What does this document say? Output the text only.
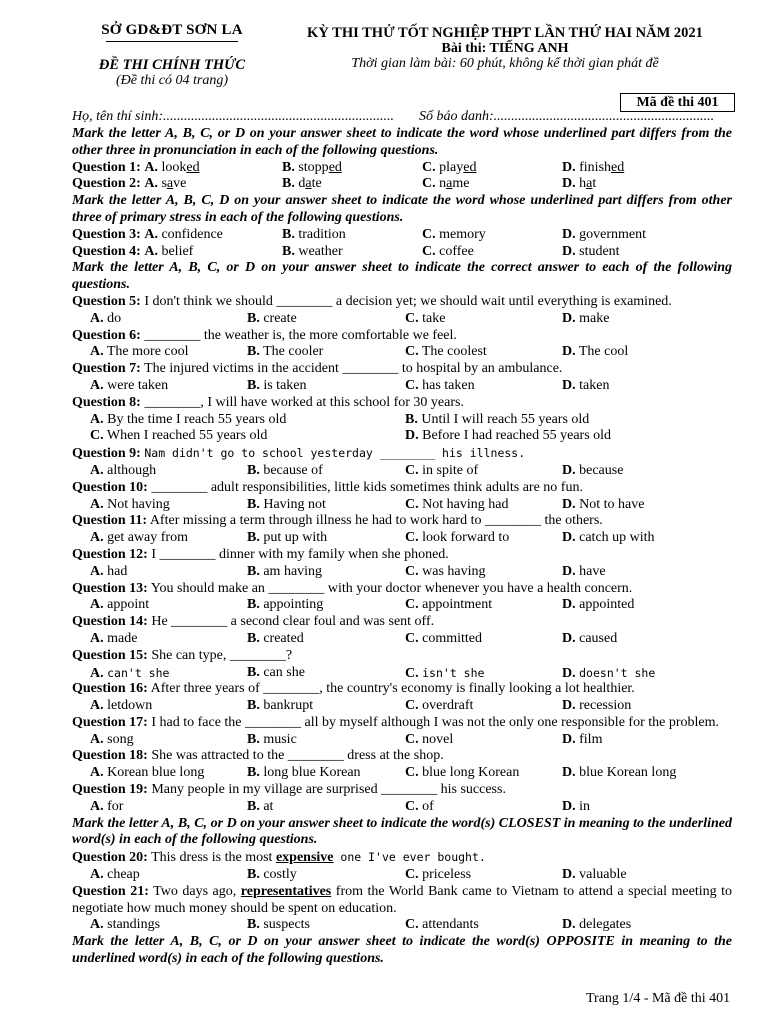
SỞ GD&ĐT SƠN LA
ĐỀ THI CHÍNH THỨC
(Đề thi có 04 trang)
KỲ THI THỬ TỐT NGHIỆP THPT LẦN THỨ HAI NĂM 2021
Bài thi: TIẾNG ANH
Thời gian làm bài: 60 phút, không kể thời gian phát đề
Mã đề thi 401
Họ, tên thí sinh:.................................................................. Số báo danh:...............................................................
Mark the letter A, B, C, or D on your answer sheet to indicate the word whose underlined part differs from the other three in pronunciation in each of the following questions.
Question 1: A. looked	B. stopped	C. played	D. finished
Question 2: A. save	B. date	C. name	D. hat
Mark the letter A, B, C, D on your answer sheet to indicate the word whose underlined part differs from other three of primary stress in each of the following questions.
Question 3: A. confidence	B. tradition	C. memory	D. government
Question 4: A. belief	B. weather	C. coffee	D. student
Mark the letter A, B, C, or D on your answer sheet to indicate the correct answer to each of the following questions.
Question 5: I don't think we should ________ a decision yet; we should wait until everything is examined.
A. do	B. create	C. take	D. make
Question 6: ________ the weather is, the more comfortable we feel.
A. The more cool	B. The cooler	C. The coolest	D. The cool
Question 7: The injured victims in the accident ________ to hospital by an ambulance.
A. were taken	B. is taken	C. has taken	D. taken
Question 8: ________, I will have worked at this school for 30 years.
A. By the time I reach 55 years old	B. Until I will reach 55 years old
C. When I reached 55 years old	D. Before I had reached 55 years old
Question 9: Nam didn't go to school yesterday ________ his illness.
A. although	B. because of	C. in spite of	D. because
Question 10: ________ adult responsibilities, little kids sometimes think adults are no fun.
A. Not having	B. Having not	C. Not having had	D. Not to have
Question 11: After missing a term through illness he had to work hard to ________ the others.
A. get away from	B. put up with	C. look forward to	D. catch up with
Question 12: I ________ dinner with my family when she phoned.
A. had	B. am having	C. was having	D. have
Question 13: You should make an ________ with your doctor whenever you have a health concern.
A. appoint	B. appointing	C. appointment	D. appointed
Question 14: He ________ a second clear foul and was sent off.
A. made	B. created	C. committed	D. caused
Question 15: She can type, ________?
A. can't she	B. can she	C. isn't she	D. doesn't she
Question 16: After three years of ________, the country's economy is finally looking a lot healthier.
A. letdown	B. bankrupt	C. overdraft	D. recession
Question 17: I had to face the ________ all by myself although I was not the only one responsible for the problem.
A. song	B. music	C. novel	D. film
Question 18: She was attracted to the ________ dress at the shop.
A. Korean blue long	B. long blue Korean	C. blue long Korean	D. blue Korean long
Question 19: Many people in my village are surprised ________ his success.
A. for	B. at	C. of	D. in
Mark the letter A, B, C, or D on your answer sheet to indicate the word(s) CLOSEST in meaning to the underlined word(s) in each of the following questions.
Question 20: This dress is the most expensive one I've ever bought.
A. cheap	B. costly	C. priceless	D. valuable
Question 21: Two days ago, representatives from the World Bank came to Vietnam to attend a special meeting to negotiate how much money should be spent on education.
A. standings	B. suspects	C. attendants	D. delegates
Mark the letter A, B, C, or D on your answer sheet to indicate the word(s) OPPOSITE in meaning to the underlined word(s) in each of the following questions.
Trang 1/4 - Mã đề thi 401
